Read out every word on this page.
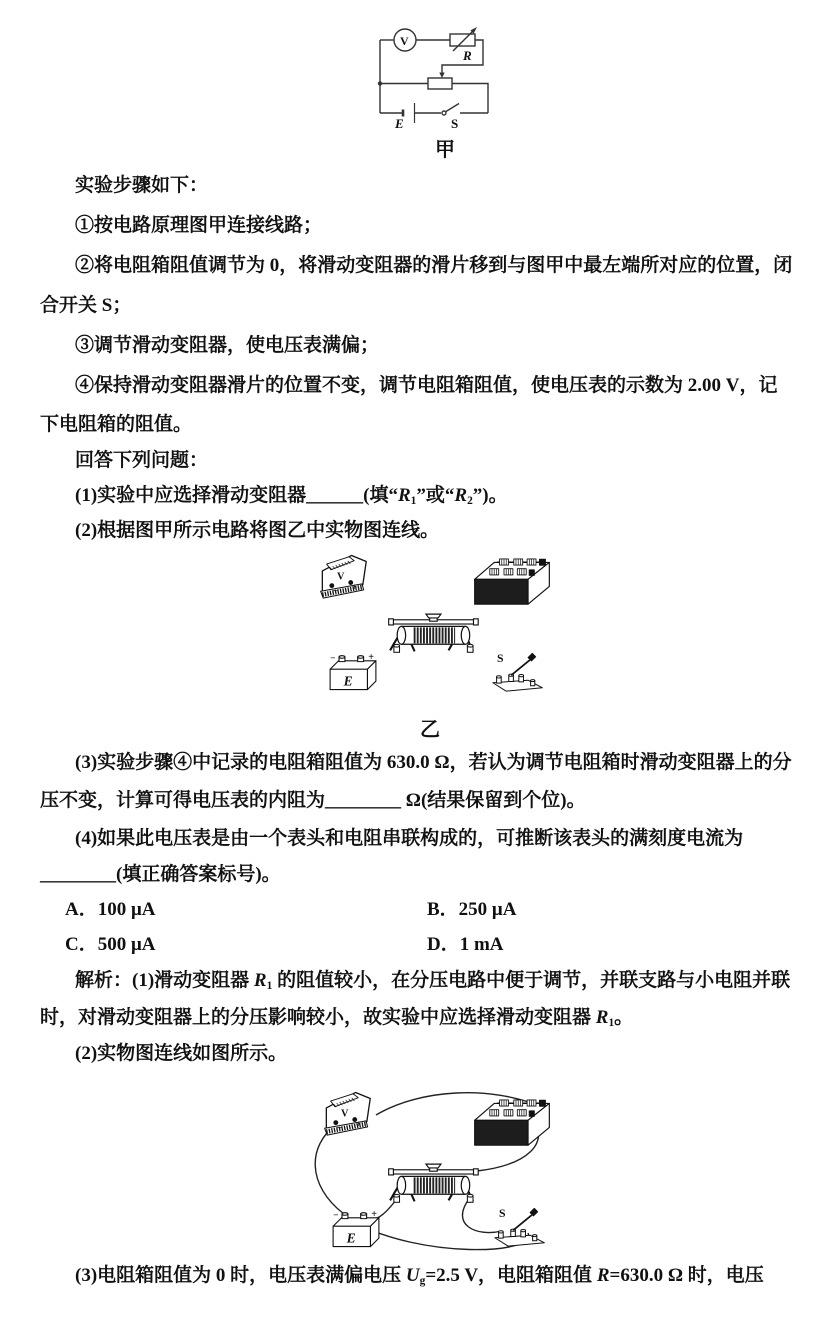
V
R
E	S
甲
实验步骤如下：
①按电路原理图甲连接线路；
②将电阻箱阻值调节为 0，将滑动变阻器的滑片移到与图甲中最左端所对应的位置，闭
合开关 S；
③调节滑动变阻器，使电压表满偏；
④保持滑动变阻器滑片的位置不变，调节电阻箱阻值，使电压表的示数为 2.00 V，记
下电阻箱的阻值。
回答下列问题：
(1)实验中应选择滑动变阻器______(填“$R_1$”或“$R_2$”)。
(2)根据图甲所示电路将图乙中实物图连线。
乙
(3)实验步骤④中记录的电阻箱阻值为 630.0 Ω，若认为调节电阻箱时滑动变阻器上的分
压不变，计算可得电压表的内阻为________ Ω(结果保留到个位)。
(4)如果此电压表是由一个表头和电阻串联构成的，可推断该表头的满刻度电流为
________(填正确答案标号)。
A．100 μA	B．250 μA
C．500 μA	D．1 mA
解析：(1)滑动变阻器 $R_1$ 的阻值较小，在分压电路中便于调节，并联支路与小电阻并联
时，对滑动变阻器上的分压影响较小，故实验中应选择滑动变阻器 $R_1$。
(2)实物图连线如图所示。
(3)电阻箱阻值为 0 时，电压表满偏电压 $U_g=2.5$ V，电阻箱阻值 R=630.0 Ω 时，电压
